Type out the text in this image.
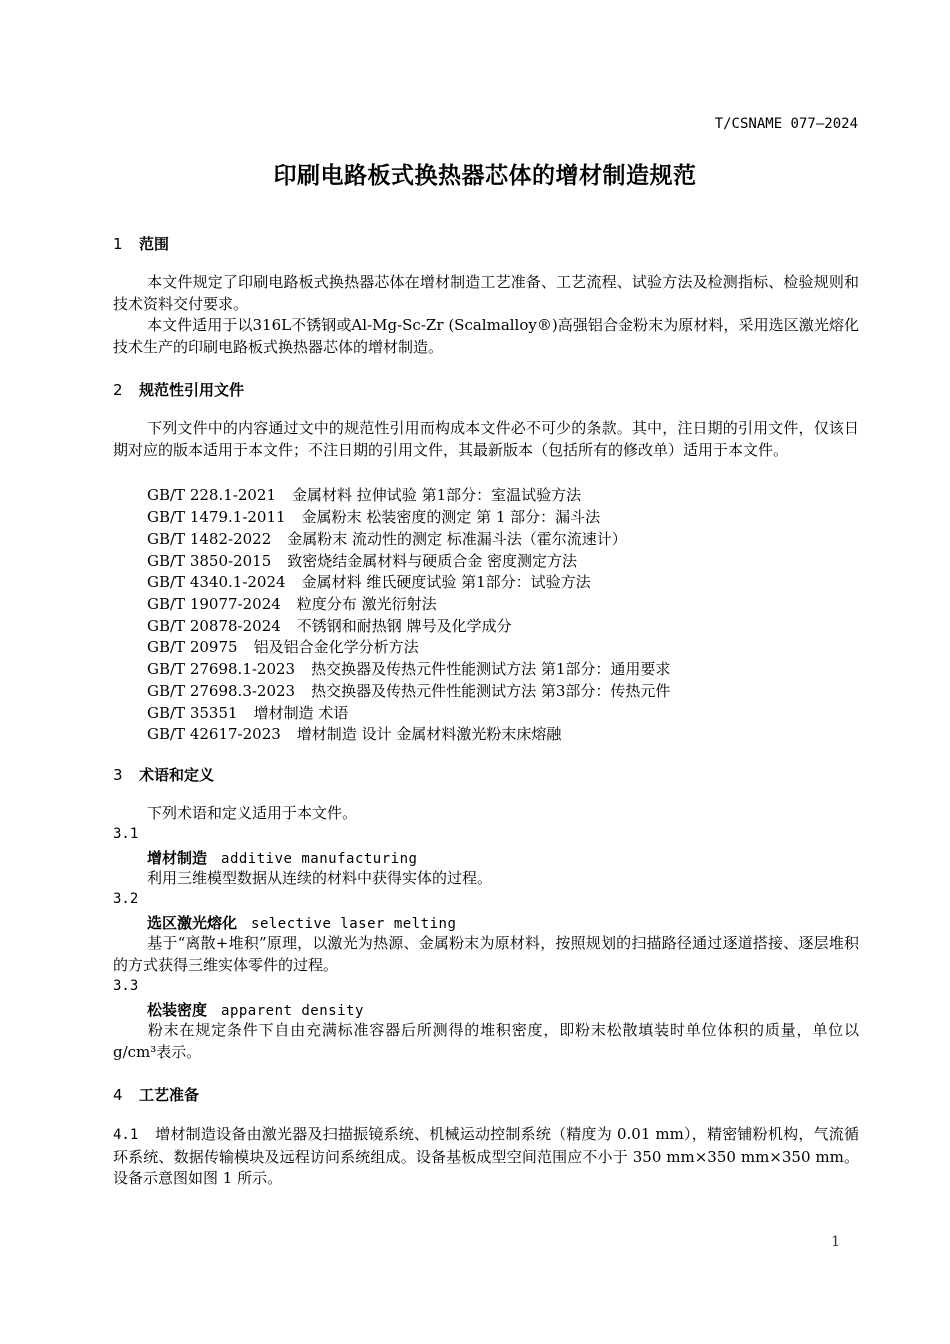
T/CSNAME 077—2024
印刷电路板式换热器芯体的增材制造规范
1 范围
本文件规定了印刷电路板式换热器芯体在增材制造工艺准备、工艺流程、试验方法及检测指标、检验规则和技术资料交付要求。
本文件适用于以316L不锈钢或Al-Mg-Sc-Zr (Scalmalloy®)高强铝合金粉末为原材料，采用选区激光熔化技术生产的印刷电路板式换热器芯体的增材制造。
2 规范性引用文件
下列文件中的内容通过文中的规范性引用而构成本文件必不可少的条款。其中，注日期的引用文件，仅该日期对应的版本适用于本文件；不注日期的引用文件，其最新版本（包括所有的修改单）适用于本文件。
GB/T 228.1-2021 金属材料 拉伸试验 第1部分：室温试验方法
GB/T 1479.1-2011 金属粉末 松装密度的测定 第 1 部分：漏斗法
GB/T 1482-2022 金属粉末 流动性的测定 标准漏斗法（霍尔流速计）
GB/T 3850-2015 致密烧结金属材料与硬质合金 密度测定方法
GB/T 4340.1-2024 金属材料 维氏硬度试验 第1部分：试验方法
GB/T 19077-2024 粒度分布 激光衍射法
GB/T 20878-2024 不锈钢和耐热钢 牌号及化学成分
GB/T 20975 铝及铝合金化学分析方法
GB/T 27698.1-2023 热交换器及传热元件性能测试方法 第1部分：通用要求
GB/T 27698.3-2023 热交换器及传热元件性能测试方法 第3部分：传热元件
GB/T 35351 增材制造 术语
GB/T 42617-2023 增材制造 设计 金属材料激光粉末床熔融
3 术语和定义
下列术语和定义适用于本文件。
3.1
增材制造 additive manufacturing
利用三维模型数据从连续的材料中获得实体的过程。
3.2
选区激光熔化 selective laser melting
基于“离散+堆积”原理，以激光为热源、金属粉末为原材料，按照规划的扫描路径通过逐道搭接、逐层堆积的方式获得三维实体零件的过程。
3.3
松装密度 apparent density
粉末在规定条件下自由充满标准容器后所测得的堆积密度，即粉末松散填装时单位体积的质量，单位以g/cm³表示。
4 工艺准备
4.1 增材制造设备由激光器及扫描振镜系统、机械运动控制系统（精度为 0.01 mm），精密铺粉机构，气流循环系统、数据传输模块及远程访问系统组成。设备基板成型空间范围应不小于 350 mm×350 mm×350 mm。设备示意图如图 1 所示。
1
